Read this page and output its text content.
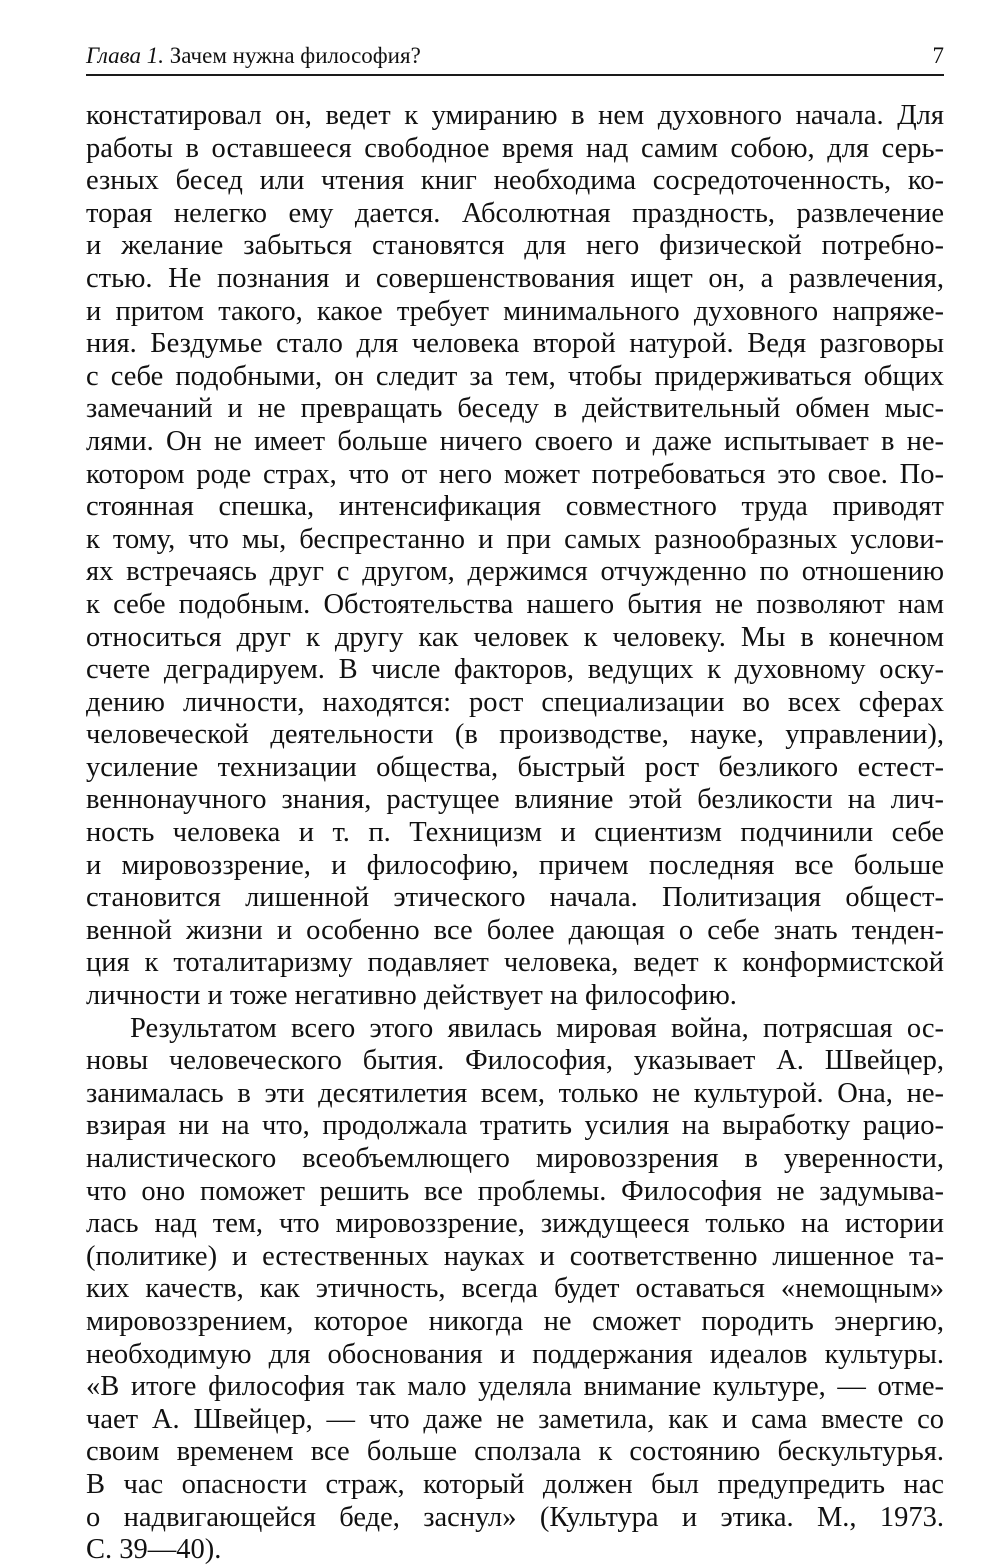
Глава 1. Зачем нужна философия?	7

констатировал он, ведет к умиранию в нем духовного начала. Для
работы в оставшееся свободное время над самим собою, для серь-
езных бесед или чтения книг необходима сосредоточенность, ко-
торая нелегко ему дается. Абсолютная праздность, развлечение
и желание забыться становятся для него физической потребно-
стью. Не познания и совершенствования ищет он, а развлечения,
и притом такого, какое требует минимального духовного напряже-
ния. Бездумье стало для человека второй натурой. Ведя разговоры
с себе подобными, он следит за тем, чтобы придерживаться общих
замечаний и не превращать беседу в действительный обмен мыс-
лями. Он не имеет больше ничего своего и даже испытывает в не-
котором роде страх, что от него может потребоваться это свое. По-
стоянная спешка, интенсификация совместного труда приводят
к тому, что мы, беспрестанно и при самых разнообразных услови-
ях встречаясь друг с другом, держимся отчужденно по отношению
к себе подобным. Обстоятельства нашего бытия не позволяют нам
относиться друг к другу как человек к человеку. Мы в конечном
счете деградируем. В числе факторов, ведущих к духовному оску-
дению личности, находятся: рост специализации во всех сферах
человеческой деятельности (в производстве, науке, управлении),
усиление технизации общества, быстрый рост безликого естест-
веннонаучного знания, растущее влияние этой безликости на лич-
ность человека и т. п. Техницизм и сциентизм подчинили себе
и мировоззрение, и философию, причем последняя все больше
становится лишенной этического начала. Политизация общест-
венной жизни и особенно все более дающая о себе знать тенден-
ция к тоталитаризму подавляет человека, ведет к конформистской
личности и тоже негативно действует на философию.

Результатом всего этого явилась мировая война, потрясшая ос-
новы человеческого бытия. Философия, указывает А. Швейцер,
занималась в эти десятилетия всем, только не культурой. Она, не-
взирая ни на что, продолжала тратить усилия на выработку рацио-
налистического всеобъемлющего мировоззрения в уверенности,
что оно поможет решить все проблемы. Философия не задумыва-
лась над тем, что мировоззрение, зиждущееся только на истории
(политике) и естественных науках и соответственно лишенное та-
ких качеств, как этичность, всегда будет оставаться «немощным»
мировоззрением, которое никогда не сможет породить энергию,
необходимую для обоснования и поддержания идеалов культуры.
«В итоге философия так мало уделяла внимание культуре, — отме-
чает А. Швейцер, — что даже не заметила, как и сама вместе со
своим временем все больше сползала к состоянию бескультурья.
В час опасности страж, который должен был предупредить нас
о надвигающейся беде, заснул» (Культура и этика. М., 1973.
С. 39—40).
